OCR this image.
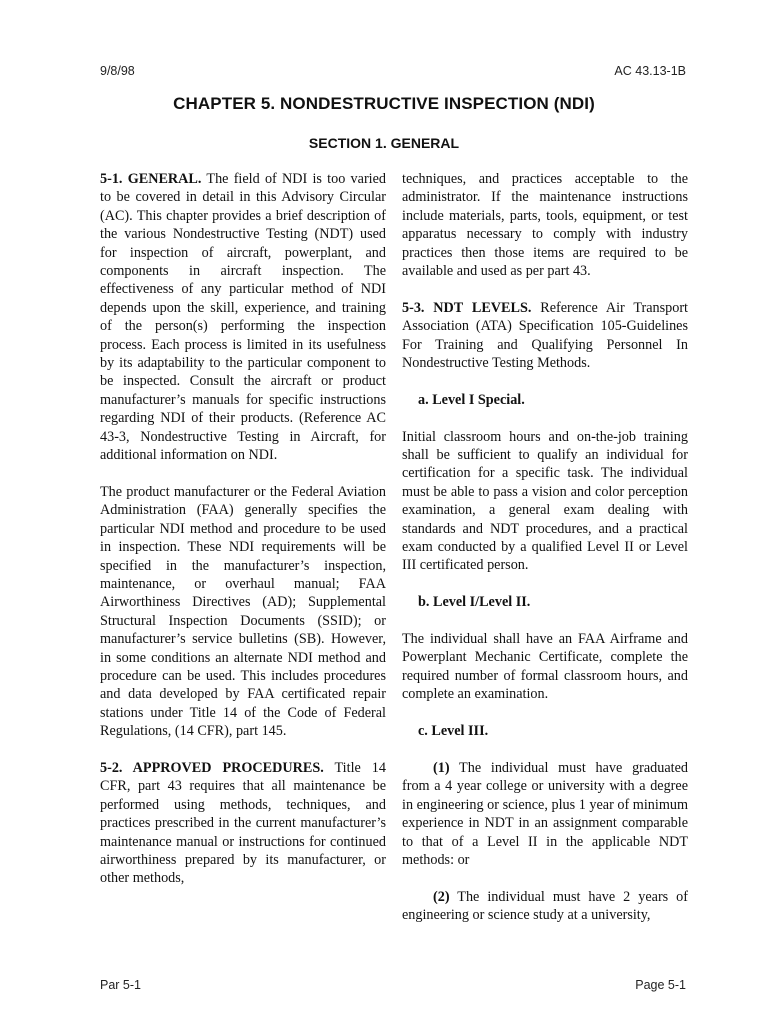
9/8/98	AC 43.13-1B
CHAPTER 5. NONDESTRUCTIVE INSPECTION (NDI)
SECTION 1. GENERAL

5-1. GENERAL. The field of NDI is too varied to be covered in detail in this Advisory Circular (AC). This chapter provides a brief description of the various Nondestructive Testing (NDT) used for inspection of aircraft, powerplant, and components in aircraft inspection. The effectiveness of any particular method of NDI depends upon the skill, experience, and training of the person(s) performing the inspection process. Each process is limited in its usefulness by its adaptability to the particular component to be inspected. Consult the aircraft or product manufacturer’s manuals for specific instructions regarding NDI of their products. (Reference AC 43-3, Nondestructive Testing in Aircraft, for additional information on NDI.

The product manufacturer or the Federal Aviation Administration (FAA) generally specifies the particular NDI method and procedure to be used in inspection. These NDI requirements will be specified in the manufacturer’s inspection, maintenance, or overhaul manual; FAA Airworthiness Directives (AD); Supplemental Structural Inspection Documents (SSID); or manufacturer’s service bulletins (SB). However, in some conditions an alternate NDI method and procedure can be used. This includes procedures and data developed by FAA certificated repair stations under Title 14 of the Code of Federal Regulations, (14 CFR), part 145.

5-2. APPROVED PROCEDURES. Title 14 CFR, part 43 requires that all maintenance be performed using methods, techniques, and practices prescribed in the current manufacturer’s maintenance manual or instructions for continued airworthiness prepared by its manufacturer, or other methods,

techniques, and practices acceptable to the administrator. If the maintenance instructions include materials, parts, tools, equipment, or test apparatus necessary to comply with industry practices then those items are required to be available and used as per part 43.

5-3. NDT LEVELS. Reference Air Transport Association (ATA) Specification 105-Guidelines For Training and Qualifying Personnel In Nondestructive Testing Methods.

a. Level I Special.

Initial classroom hours and on-the-job training shall be sufficient to qualify an individual for certification for a specific task. The individual must be able to pass a vision and color perception examination, a general exam dealing with standards and NDT procedures, and a practical exam conducted by a qualified Level II or Level III certificated person.

b. Level I/Level II.

The individual shall have an FAA Airframe and Powerplant Mechanic Certificate, complete the required number of formal classroom hours, and complete an examination.

c. Level III.

(1) The individual must have graduated from a 4 year college or university with a degree in engineering or science, plus 1 year of minimum experience in NDT in an assignment comparable to that of a Level II in the applicable NDT methods: or

(2) The individual must have 2 years of engineering or science study at a university,

Par 5-1	Page 5-1
